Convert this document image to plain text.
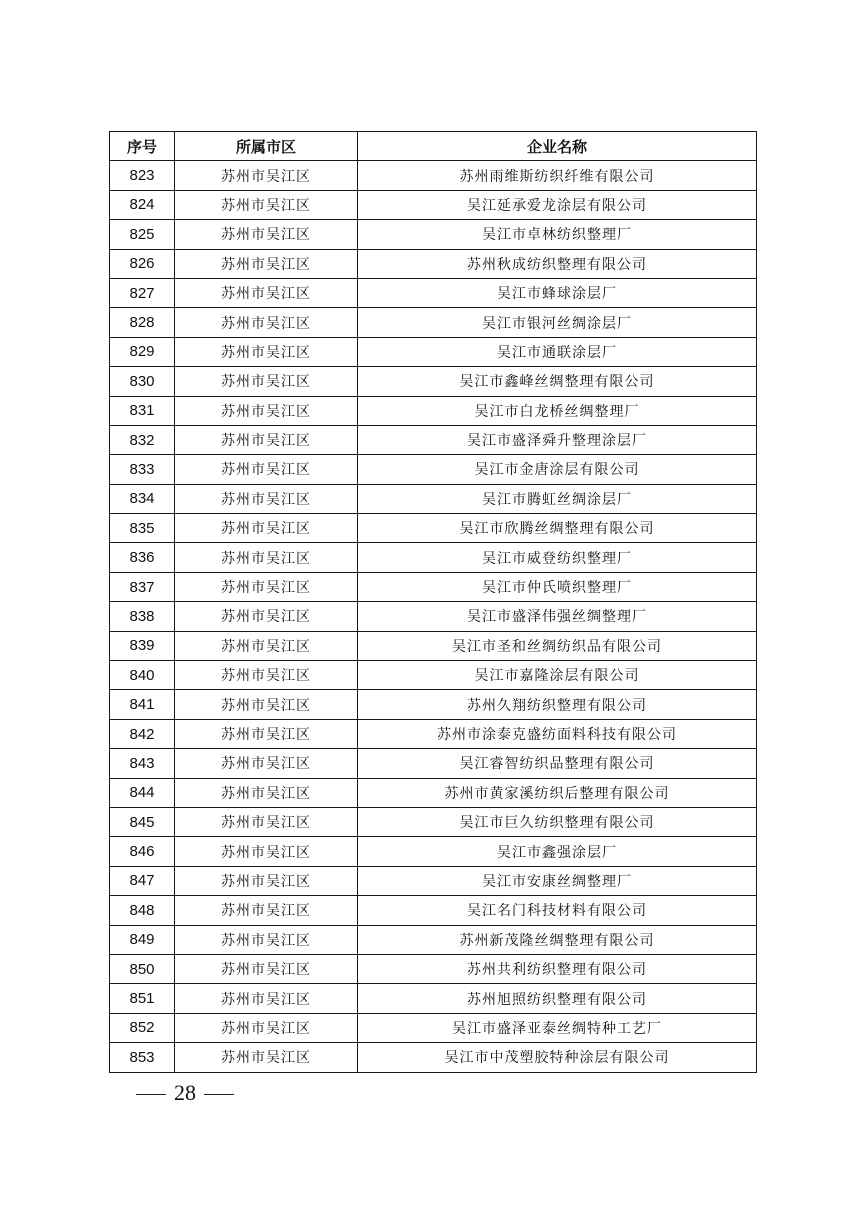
序号	所属市区	企业名称
823	苏州市吴江区	苏州雨维斯纺织纤维有限公司
824	苏州市吴江区	吴江延承爱龙涂层有限公司
825	苏州市吴江区	吴江市卓林纺织整理厂
826	苏州市吴江区	苏州秋成纺织整理有限公司
827	苏州市吴江区	吴江市蜂球涂层厂
828	苏州市吴江区	吴江市银河丝绸涂层厂
829	苏州市吴江区	吴江市通联涂层厂
830	苏州市吴江区	吴江市鑫峰丝绸整理有限公司
831	苏州市吴江区	吴江市白龙桥丝绸整理厂
832	苏州市吴江区	吴江市盛泽舜升整理涂层厂
833	苏州市吴江区	吴江市金唐涂层有限公司
834	苏州市吴江区	吴江市腾虹丝绸涂层厂
835	苏州市吴江区	吴江市欣腾丝绸整理有限公司
836	苏州市吴江区	吴江市威登纺织整理厂
837	苏州市吴江区	吴江市仲氏喷织整理厂
838	苏州市吴江区	吴江市盛泽伟强丝绸整理厂
839	苏州市吴江区	吴江市圣和丝绸纺织品有限公司
840	苏州市吴江区	吴江市嘉隆涂层有限公司
841	苏州市吴江区	苏州久翔纺织整理有限公司
842	苏州市吴江区	苏州市涂泰克盛纺面料科技有限公司
843	苏州市吴江区	吴江睿智纺织品整理有限公司
844	苏州市吴江区	苏州市黄家溪纺织后整理有限公司
845	苏州市吴江区	吴江市巨久纺织整理有限公司
846	苏州市吴江区	吴江市鑫强涂层厂
847	苏州市吴江区	吴江市安康丝绸整理厂
848	苏州市吴江区	吴江名门科技材料有限公司
849	苏州市吴江区	苏州新茂隆丝绸整理有限公司
850	苏州市吴江区	苏州共利纺织整理有限公司
851	苏州市吴江区	苏州旭照纺织整理有限公司
852	苏州市吴江区	吴江市盛泽亚泰丝绸特种工艺厂
853	苏州市吴江区	吴江市中茂塑胶特种涂层有限公司
28
